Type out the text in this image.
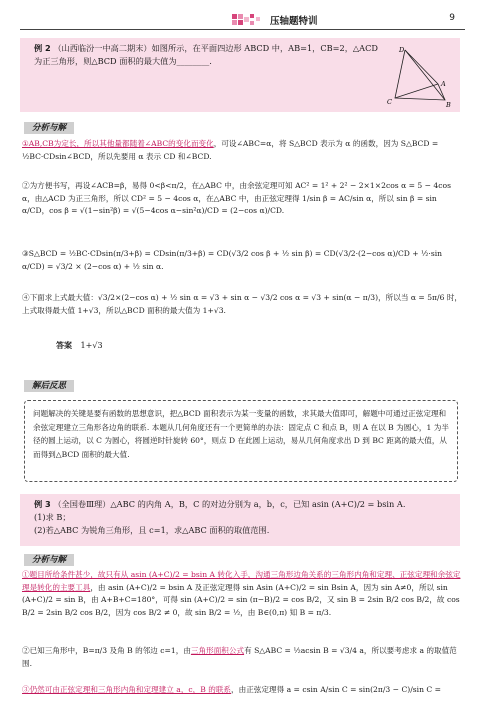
压轴题特训	9

例 2 （山西临汾一中高二期末）如图所示，在平面四边形 ABCD 中，AB=1，CB=2，△ACD 为正三角形，则△BCD 面积的最大值为________.

D
A
C	B
分析与解

①AB,CB为定长，所以其他量都随着∠ABC的变化而变化，可设∠ABC=α，将 S△BCD 表示为 α 的函数，因为 S△BCD = ½BC·CDsin∠BCD，所以先要用 α 表示 CD 和∠BCD.

②为方便书写，再设∠ACB=β，易得 0<β<π/2，在△ABC 中，由余弦定理可知 AC² = 1² + 2² − 2×1×2cos α = 5 − 4cos α，由△ACD 为正三角形，所以 CD² = 5 − 4cos α，在△ABC 中，由正弦定理得 1/sin β = AC/sin α，所以 sin β = sin α/CD，cos β = √(1−sin²β) = √(5−4cos α−sin²α)/CD = (2−cos α)/CD.

③S△BCD = ½BC·CDsin(π/3+β) = CDsin(π/3+β) = CD(√3/2 cos β + ½ sin β) = CD(√3/2·(2−cos α)/CD + ½·sin α/CD) = √3/2 × (2−cos α) + ½ sin α.

④下面求上式最大值：√3/2×(2−cos α) + ½ sin α = √3 + sin α − √3/2 cos α = √3 + sin(α − π/3)，所以当 α = 5π/6 时，上式取得最大值 1+√3，所以△BCD 面积的最大值为 1+√3.

答案 1+√3
解后反思

问题解决的关键是要有函数的思想意识，把△BCD 面积表示为某一变量的函数，求其最大值即可，解题中可通过正弦定理和余弦定理建立三角形各边角的联系. 本题从几何角度还有一个更简单的办法：固定点 C 和点 B，则 A 在以 B 为圆心，1 为半径的圆上运动，以 C 为圆心，将圆逆时针旋转 60°，则点 D 在此圆上运动，易从几何角度求出 D 到 BC 距离的最大值，从而得到△BCD 面积的最大值.

例 3 （全国卷Ⅲ理）△ABC 的内角 A，B，C 的对边分别为 a，b，c，已知 asin (A+C)/2 = bsin A.

(1)求 B；

(2)若△ABC 为锐角三角形，且 c=1，求△ABC 面积的取值范围.

分析与解

①题目所给条件甚少，故只有从 asin (A+C)/2 = bsin A 转化入手，沟通三角形边角关系的三角形内角和定理、正弦定理和余弦定理是转化的主要工具，由 asin (A+C)/2 = bsin A 及正弦定理得 sin Asin (A+C)/2 = sin Bsin A，因为 sin A≠0，所以 sin (A+C)/2 = sin B，由 A+B+C=180°，可得 sin (A+C)/2 = sin (π−B)/2 = cos B/2，又 sin B = 2sin B/2 cos B/2，故 cos B/2 = 2sin B/2 cos B/2，因为 cos B/2 ≠ 0，故 sin B/2 = ½，由 B∈(0,π) 知 B = π/3.

②已知三角形中，B=π/3 及角 B 的邻边 c=1，由三角形面积公式有 S△ABC = ½acsin B = √3/4 a，所以要考虑求 a 的取值范围.

③仍然可由正弦定理和三角形内角和定理建立 a，c，B 的联系，由正弦定理得 a = csin A/sin C = sin(2π/3 − C)/sin C =
